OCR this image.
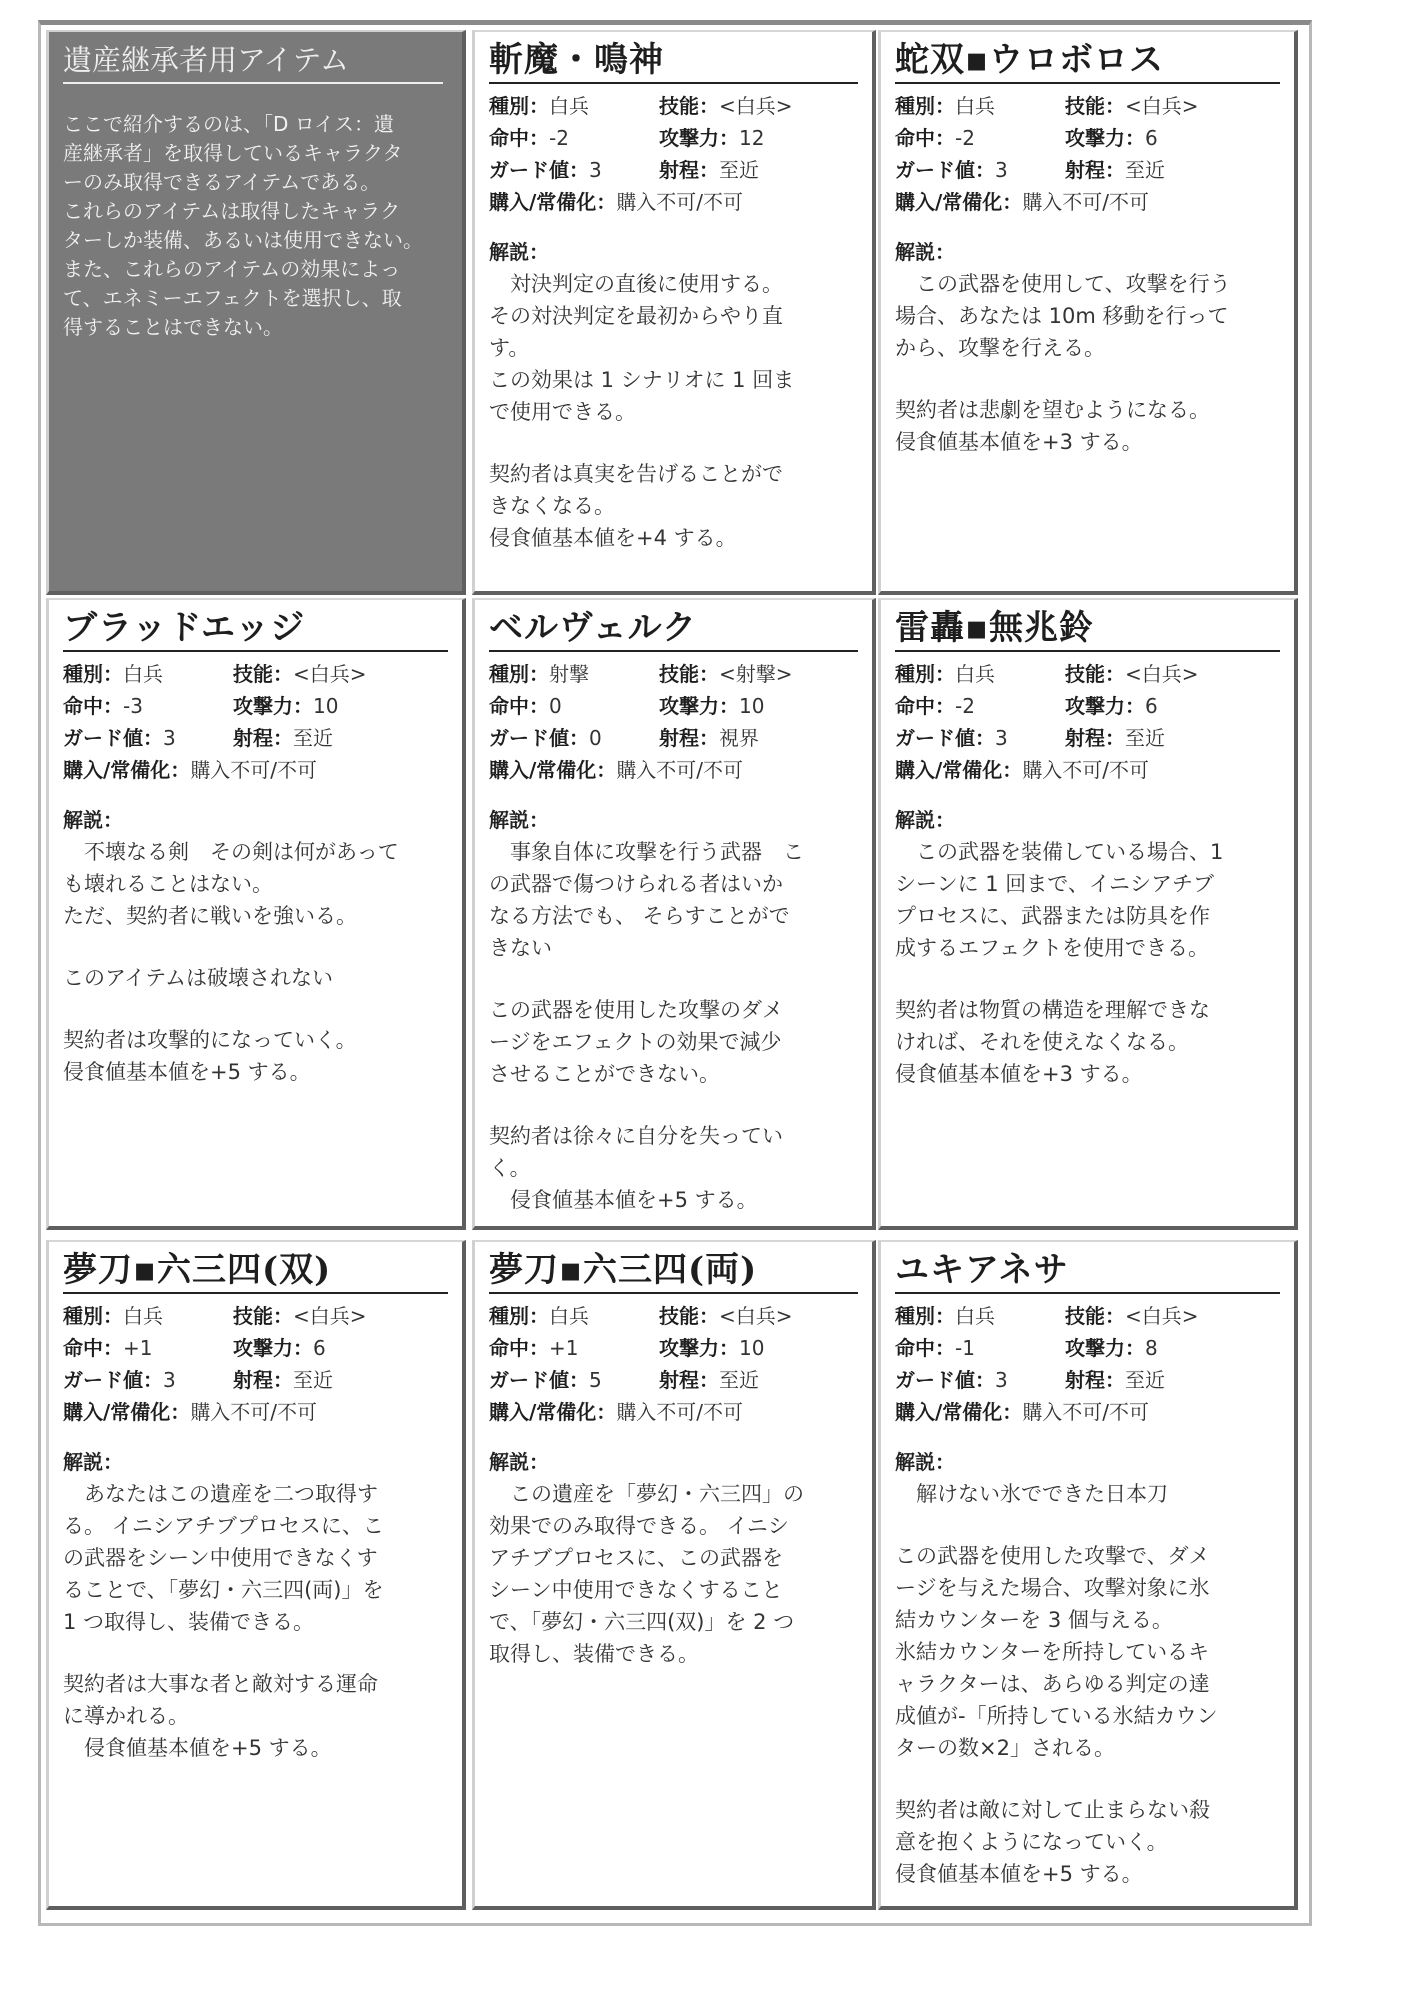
遺産継承者用アイテム
ここで紹介するのは、「D ロイス：遺
産継承者」を取得しているキャラクタ
ーのみ取得できるアイテムである。
これらのアイテムは取得したキャラク
ターしか装備、あるいは使用できない。
また、これらのアイテムの効果によっ
て、エネミーエフェクトを選択し、取
得することはできない。
斬魔・鳴神
種別：白兵	技能：<白兵>
命中：-2	攻撃力：12
ガード値：3	射程：至近
購入/常備化： 購入不可/不可
解説：
　対決判定の直後に使用する。
その対決判定を最初からやり直
す。
この効果は 1 シナリオに 1 回ま
で使用できる。
契約者は真実を告げることがで
きなくなる。
侵食値基本値を+4 する。
蛇双▪ウロボロス
種別：白兵	技能：<白兵>
命中：-2	攻撃力：6
ガード値：3	射程：至近
購入/常備化： 購入不可/不可
解説：
　この武器を使用して、攻撃を行う
場合、あなたは 10m 移動を行って
から、攻撃を行える。
契約者は悲劇を望むようになる。
侵食値基本値を+3 する。
ブラッドエッジ
種別：白兵	技能：<白兵>
命中：-3	攻撃力：10
ガード値：3	射程：至近
購入/常備化： 購入不可/不可
解説：
　不壊なる剣　その剣は何があって
も壊れることはない。
ただ、契約者に戦いを強いる。
このアイテムは破壊されない
契約者は攻撃的になっていく。
侵食値基本値を+5 する。
ベルヴェルク
種別：射撃	技能：<射撃>
命中：0	攻撃力：10
ガード値：0	射程：視界
購入/常備化： 購入不可/不可
解説：
　事象自体に攻撃を行う武器　こ
の武器で傷つけられる者はいか
なる方法でも、 そらすことがで
きない
この武器を使用した攻撃のダメ
ージをエフェクトの効果で減少
させることができない。
契約者は徐々に自分を失ってい
く。
　侵食値基本値を+5 する。
雷轟▪無兆鈴
種別：白兵	技能：<白兵>
命中：-2	攻撃力：6
ガード値：3	射程：至近
購入/常備化： 購入不可/不可
解説：
　この武器を装備している場合、1
シーンに 1 回まで、イニシアチブ
プロセスに、武器または防具を作
成するエフェクトを使用できる。
契約者は物質の構造を理解できな
ければ、それを使えなくなる。
侵食値基本値を+3 する。
夢刀▪六三四(双)
種別：白兵	技能：<白兵>
命中：+1	攻撃力：6
ガード値：3	射程：至近
購入/常備化： 購入不可/不可
解説：
　あなたはこの遺産を二つ取得す
る。 イニシアチブプロセスに、こ
の武器をシーン中使用できなくす
ることで、「夢幻・六三四(両)」を
1 つ取得し、装備できる。
契約者は大事な者と敵対する運命
に導かれる。
　侵食値基本値を+5 する。
夢刀▪六三四(両)
種別：白兵	技能：<白兵>
命中：+1	攻撃力：10
ガード値：5	射程：至近
購入/常備化： 購入不可/不可
解説：
　この遺産を「夢幻・六三四」の
効果でのみ取得できる。 イニシ
アチブプロセスに、この武器を
シーン中使用できなくすること
で、「夢幻・六三四(双)」を 2 つ
取得し、装備できる。
ユキアネサ
種別：白兵	技能：<白兵>
命中：-1	攻撃力：8
ガード値：3	射程：至近
購入/常備化： 購入不可/不可
解説：
　解けない氷でできた日本刀
この武器を使用した攻撃で、ダメ
ージを与えた場合、攻撃対象に氷
結カウンターを 3 個与える。
氷結カウンターを所持しているキ
ャラクターは、あらゆる判定の達
成値が-「所持している氷結カウン
ターの数×2」される。
契約者は敵に対して止まらない殺
意を抱くようになっていく。
侵食値基本値を+5 する。
